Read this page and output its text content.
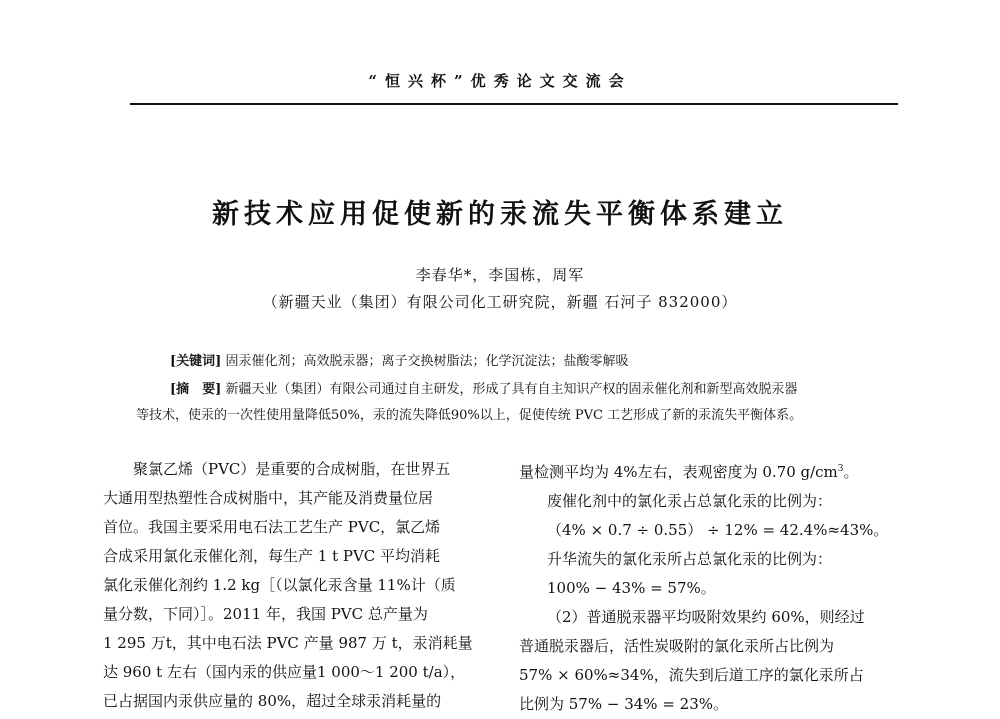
“恒兴杯”优秀论文交流会
新技术应用促使新的汞流失平衡体系建立
李春华*，李国栋，周军
（新疆天业（集团）有限公司化工研究院，新疆 石河子 832000）
[关键词] 固汞催化剂；高效脱汞器；离子交换树脂法；化学沉淀法；盐酸零解吸
[摘　要] 新疆天业（集团）有限公司通过自主研发，形成了具有自主知识产权的固汞催化剂和新型高效脱汞器
等技术，使汞的一次性使用量降低50%，汞的流失降低90%以上，促使传统 PVC 工艺形成了新的汞流失平衡体系。

聚氯乙烯（PVC）是重要的合成树脂，在世界五

大通用型热塑性合成树脂中，其产能及消费量位居

首位。我国主要采用电石法工艺生产 PVC，氯乙烯

合成采用氯化汞催化剂，每生产 1 t PVC 平均消耗

氯化汞催化剂约 1.2 kg［（以氯化汞含量 11%计（质

量分数，下同）］。2011 年，我国 PVC 总产量为

1 295 万t，其中电石法 PVC 产量 987 万 t，汞消耗量

达 960 t 左右（国内汞的供应量1 000～1 200 t/a），

已占据国内汞供应量的 80%，超过全球汞消耗量的

量检测平均为 4%左右，表观密度为 0.70 $g/cm^3$。

废催化剂中的氯化汞占总氯化汞的比例为：

（4% × 0.7 ÷ 0.55） ÷ 12% = 42.4%≈43%。

升华流失的氯化汞所占总氯化汞的比例为：

100% − 43% = 57%。

（2）普通脱汞器平均吸附效果约 60%，则经过

普通脱汞器后，活性炭吸附的氯化汞所占比例为

57% × 60%≈34%，流失到后道工序的氯化汞所占

比例为 57% − 34% = 23%。
